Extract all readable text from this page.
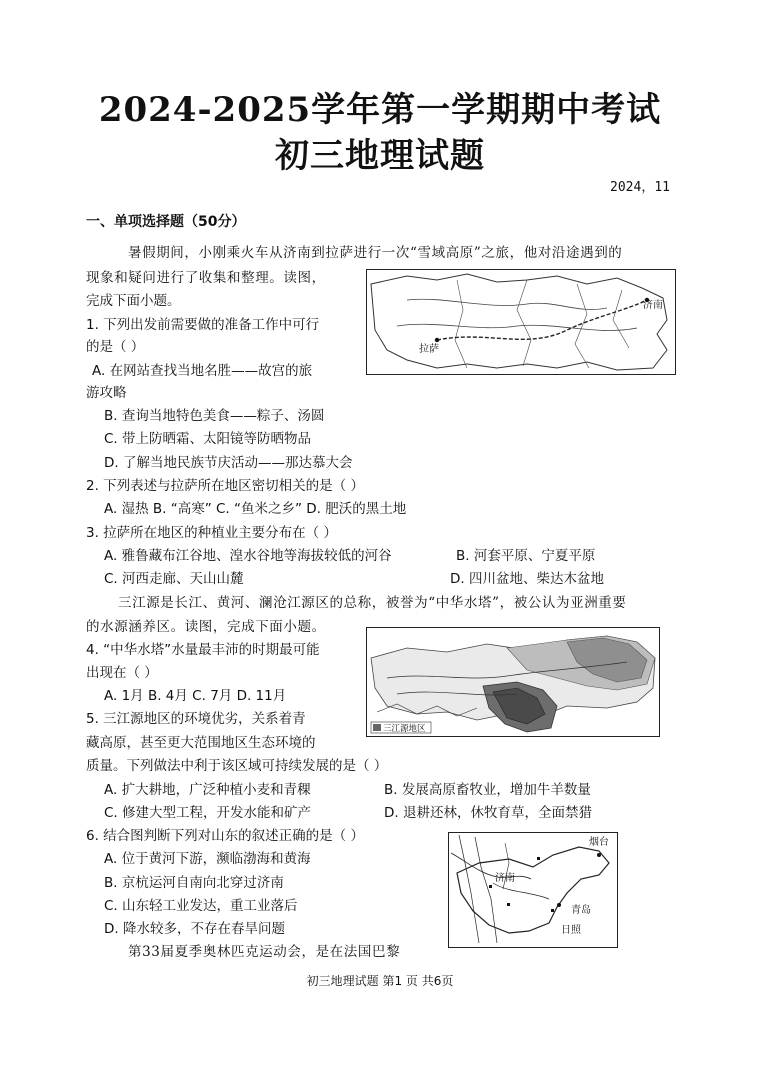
2024-2025学年第一学期期中考试
初三地理试题
2024，11
一、单项选择题（50分）
暑假期间，小刚乘火车从济南到拉萨进行一次“雪域高原”之旅，他对沿途遇到的
现象和疑问进行了收集和整理。读图，
完成下面小题。	济南
拉萨
1. 下列出发前需要做的准备工作中可行
的是（ ）
A. 在网站查找当地名胜——故宫的旅
游攻略
B. 查询当地特色美食——粽子、汤圆
C. 带上防晒霜、太阳镜等防晒物品
D. 了解当地民族节庆活动——那达慕大会
2. 下列表述与拉萨所在地区密切相关的是（ ）
A. 湿热 B. “高寒” C. “鱼米之乡” D. 肥沃的黑土地
3. 拉萨所在地区的种植业主要分布在（ ）
A. 雅鲁藏布江谷地、湟水谷地等海拔较低的河谷	B. 河套平原、宁夏平原
C. 河西走廊、天山山麓	D. 四川盆地、柴达木盆地
三江源是长江、黄河、澜沧江源区的总称，被誉为“中华水塔”，被公认为亚洲重要
的水源涵养区。读图，完成下面小题。
三江源地区
4. “中华水塔”水量最丰沛的时期最可能
出现在（ ）
A. 1月 B. 4月 C. 7月 D. 11月
5. 三江源地区的环境优劣，关系着青
藏高原，甚至更大范围地区生态环境的
质量。下列做法中利于该区域可持续发展的是（ ）
A. 扩大耕地，广泛种植小麦和青稞	B. 发展高原畜牧业，增加牛羊数量
C. 修建大型工程，开发水能和矿产	D. 退耕还林，休牧育草，全面禁猎
6. 结合图判断下列对山东的叙述正确的是（ ）
A. 位于黄河下游，濒临渤海和黄海
B. 京杭运河自南向北穿过济南
C. 山东轻工业发达，重工业落后
D. 降水较多，不存在春旱问题
烟台
济南
青岛
日照
第33届夏季奥林匹克运动会，是在法国巴黎
初三地理试题 第1 页 共6页
